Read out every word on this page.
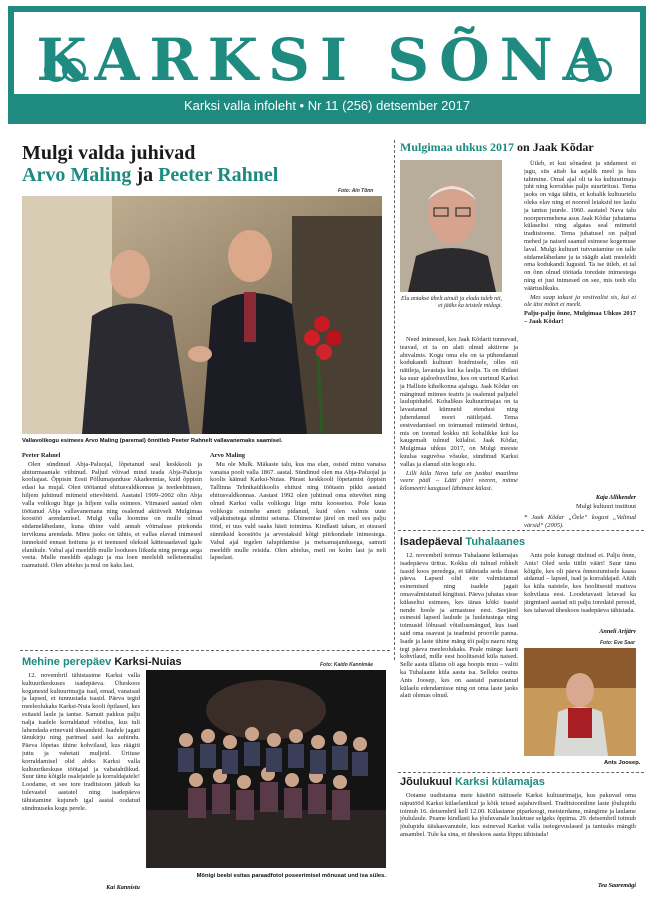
KARKSI SÕNA
Karksi valla infoleht • Nr 11 (256) detsember 2017
Mulgi valda juhivad
Arvo Maling ja Peeter Rahnel
Foto: Ain Tõnn
Vallavolikogu esimees Arvo Maling (paremal) õnnitleb Peeter Rahnelt vallavanemaks saamisel.

Peeter Rahnel

Olen sündinud Abja-Paluojal, lõpetanud seal keskkooli ja abiturmaaniale viibinud. Paljud võivad mind teada Abja-Paluoja kooliajast. Õppisin Eesti Põllumajanduse Akadeemias, kuid õppisin edasi ka mujal. Olen töötanud ehitusvaldkonnas ja teedeehituses, hiljem juhtinud mitmeid ettevõtteid. Aastatel 1999–2002 olin Abja valla volikogu liige ja hiljem valla esimees. Viimased aastad olen töötanud Abja vallavanemana ning osalenud aktiivselt Mulgimaa koostöö arendamisel. Mulgi valla loomine on mulle olnud südamelähedane, kuna ühine vald annab võimaluse piirkonda tervikuna arendada. Minu jaoks on tähtis, et vallas elavad inimesed tunneksid ennast hoituna ja et teenused oleksid kättesaadavad igale elanikule. Vabal ajal meeldib mulle looduses liikuda ning perega aega veeta. Mulle meeldib ajalugu ja ma loen meeleldi selleteemalisi raamatuid. Olen abielus ja mul on kaks last.

Arvo Maling

Mu ole Mulk. Mäkaste talu, kus ma elan, ostsid minu vanaisa vanaisa poolt valla 1867. aastal. Sündinud olen ma Abja-Paluojal ja koolis käinud Karksi-Nuias. Pärast keskkooli lõpetamist õppisin Tallinna Tehnikaülikoolis ehitust ning töötasin pikki aastaid ehitusvaldkonnas. Aastast 1992 olen juhtinud oma ettevõtet ning olnud Karksi valla volikogu liige mitu koosseisu. Pole kaua volikogu esimehe ameti pidanud, kuid olen valmis uute väljakutsetega silmitsi seisma. Ühinemise järel on meil ees palju tööd, et uus vald saaks hästi toimima. Kindlasti tahan, et otsused sünniksid koostöös ja arvestaksid kõigi piirkondade inimestega. Vabal ajal tegelen talupidamise ja metsamajandusega, samuti meeldib mulle reisida. Olen abielus, meil on kolm last ja neli lapselast.

Mulgimaa uhkus 2017 on Jaak Kõdar
Elu antakse ühelt ainult ja elada tuleb nii, et jääks ka teistele midagi.

Need inimesed, kes Jaak Kõdarit tunnevad, teavad, et ta on alati olnud aktiivne ja abivalmis. Kogu oma elu on ta pühendanud kodukandi kultuuri hoidmisele, olles nii näitleja, lavastaja kui ka laulja. Ta on ühtlasi ka suur ajaloohuviline, kes on uurinud Karksi ja Halliste kihelkonna ajalugu. Jaak Kõdar on mänginud mitmes teatris ja osalenud paljudel laulupidudel. Kohalikus kultuurimajas on ta lavastanud kümneid etendusi ning juhendanud noori näitlejaid. Tema eestvedamisel on toimunud mitmeid üritusi, mis on toonud kokku nii kohalikke kui ka kaugemalt tulnud külalisi. Jaak Kõdar, Mulgimaa uhkus 2017, on Mulgi meeste kuulsa suguvõsa võsuke, sündinud Karksi vallas ja elanud siin kogu elu.

Lilli küla Nava talu on justkui maailma veere pääl – Lätti piiri veeren, mitme kilomeetri kaugusel lähimast külast.

Ütleb, et kui sõnadest ja südamest ei jagu, siis aitab ka asjalik meel ja hea tahtmine. Omal ajal oli ta ka kultuurimaja juht ning korraldas palju suurüritusi. Tema jaoks on väga tähtis, et kohalik kultuurielu oleks elav ning et noored leiaksid tee laulu ja tantsu juurde. 1960. aastatel Nava talu noorperemehena asus Jaak Kõdar juhatama külaseltsi ning algatas seal mitmeid traditsioone. Tema juhatusel on paljud mehed ja naised saanud esimese kogemuse laval. Mulgi kultuuri tutvustamine on talle südamelähedane ja ta räägib alati meeleldi oma kodukandi lugusid. Ta ise ütleb, et tal on õnn olnud töötada toredate inimestega ning et just inimesed on see, mis teeb elu väärtuslikuks.

Mes saap takust ja vestivalist sis, kui ei ole ütsi mõtet ei meelt.

Palju-palju õnne, Mulgimaa Uhkus 2017 – Jaak Kõdar!

Kaja Allikender
Mulgi kultuuri instituut
* Jaak Kõdar „Õele“ kogust „Valinud värsid“ (2005).
Isadepäeval Tuhalaanes

12. novembril toimus Tuhalaane külamajas isadepäeva üritus. Kokku oli tulnud rohkelt isasid koos peredega, et tähistada seda ilusat päeva. Lapsed olid ette valmistanud esinemised ning isadele jagati omavalmistatud kingitusi. Päeva juhatas sisse külaseltsi esimees, kes tänas kõiki isasid nende hoole ja armastuse eest. Seejärel esinesid lapsed laulude ja luuletustega ning toimusid lõbusad võistlusmängud, kus isad said oma osavust ja teadmisi proovile panna. Isade ja laste ühine mäng tõi palju naeru ning tegi päeva meeleolukaks. Peale mänge kaeti kohvilaud, mille eest hoolitsesid küla naised. Selle aasta üllatus oli aga hoopis muu – valiti ka Tuhalaane küla aasta isa. Selleks osutus Ants Joosep, kes on aastaid panustanud külaelu edendamisse ning on oma laste jaoks alati olemas olnud.

Ants pole kunagi ütelnud ei. Palju õnne, Ants! Oled seda tiitlit väärt! Suur tänu kõigile, kes oli päeva õnnestumisele kaasa aidanud – lapsed, isad ja korraldajad. Aitäh ka küla naistele, kes hoolitsesid maitsva kohvilaua eest. Loodetavasti leiavad ka järgmised aastad nii palju toredaid peresid, kes tahavad üheskoos isadepäeva tähistada.

Anneli Arijärv
Foto: Eve Saar
Ants Joosep.
Jõulukuul Karksi külamajas

Ootame uudistama meie käsitöö näitusele Karksi kultuurimajja, kus pakuvad oma näputööd Karksi külaelanikud ja kõik teised asjahuvilised. Traditsiooniline laste jõulupidu toimub 16. detsembril kell 12.00. Külastame piparkoogi, meisterdame, mängime ja laulame jõululaule. Peame kindlasti ka jõuluvanale luuletuse selgeks õppima. 29. detsembril toimub jõulupidu täiskasvanutele, kus esinevad Karksi valla isetegevuslased ja tantsuks mängib ansambel. Tule ka sina, et üheskoos aasta lõppu tähistada!

Tea Saaremägi
Mehine perepäev Karksi-Nuias	Foto: Kaido Kannimäe

12. novembril tähistasime Karksi valla kultuurikeskuses isadepäeva. Üheskoos kogunesid kultuurimajja isad, emad, vanaisad ja lapsed, et tunnustada isasid. Päeva tegid meeleolukaks Karksi-Nuia kooli õpilased, kes esitasid laule ja tantse. Samuti pakkus palju nalja isadele korraldatud võistlus, kus tuli lahendada erinevaid ülesandeid. Isadele jagati tänukirju ning parimad said ka auhindu. Päeva lõpetas ühine kohvilaud, kus räägiti juttu ja vahetati muljeid. Ürituse korraldamisel olid abiks Karksi valla kultuurikeskuse töötajad ja vabatahtlikud. Suur tänu kõigile osalejatele ja korraldajatele! Loodame, et see tore traditsioon jätkub ka tulevastel aastatel ning isadepäeva tähistamine kujuneb igal aastal oodatud sündmuseks kogu perele.

Kai Kannistu
Mõnigi beebi esitas paraadfotol poseerimisel mõnusat und isa süles.
